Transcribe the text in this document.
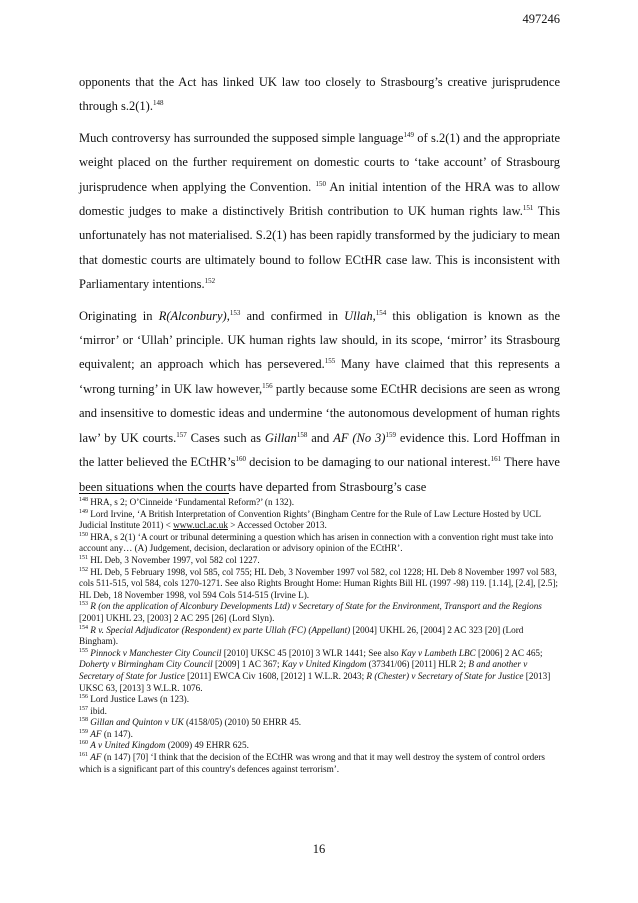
497246

opponents that the Act has linked UK law too closely to Strasbourg’s creative jurisprudence through s.2(1).$^{148}$

Much controversy has surrounded the supposed simple language$^{149}$ of s.2(1) and the appropriate weight placed on the further requirement on domestic courts to ‘take account’ of Strasbourg jurisprudence when applying the Convention. $^{150}$ An initial intention of the HRA was to allow domestic judges to make a distinctively British contribution to UK human rights law.$^{151}$ This unfortunately has not materialised. S.2(1) has been rapidly transformed by the judiciary to mean that domestic courts are ultimately bound to follow ECtHR case law. This is inconsistent with Parliamentary intentions.$^{152}$

Originating in R(Alconbury),$^{153}$ and confirmed in Ullah,$^{154}$ this obligation is known as the ‘mirror’ or ‘Ullah’ principle. UK human rights law should, in its scope, ‘mirror’ its Strasbourg equivalent; an approach which has persevered.$^{155}$ Many have claimed that this represents a ‘wrong turning’ in UK law however,$^{156}$ partly because some ECtHR decisions are seen as wrong and insensitive to domestic ideas and undermine ‘the autonomous development of human rights law’ by UK courts.$^{157}$ Cases such as Gillan$^{158}$ and AF (No 3)$^{159}$ evidence this. Lord Hoffman in the latter believed the $ECtHR’s^{160}$ decision to be damaging to our national interest.$^{161}$ There have been situations when the courts have departed from Strasbourg’s case

$^{148}$ HRA, s 2; O’Cinneide ‘Fundamental Reform?’ (n 132).

$^{149}$ Lord Irvine, ‘A British Interpretation of Convention Rights’ (Bingham Centre for the Rule of Law Lecture Hosted by UCL Judicial Institute 2011) < www.ucl.ac.uk > Accessed October 2013.

$^{150}$ HRA, s 2(1) ‘A court or tribunal determining a question which has arisen in connection with a convention right must take into account any… (A) Judgement, decision, declaration or advisory opinion of the ECtHR’.

$^{151}$ HL Deb, 3 November 1997, vol 582 col 1227.

$^{152}$ HL Deb, 5 February 1998, vol 585, col 755; HL Deb, 3 November 1997 vol 582, col 1228; HL Deb 8 November 1997 vol 583, cols 511-515, vol 584, cols 1270-1271. See also Rights Brought Home: Human Rights Bill HL (1997 -98) 119. [1.14], [2.4], [2.5]; HL Deb, 18 November 1998, vol 594 Cols 514-515 (Irvine L).

$^{153}$ R (on the application of Alconbury Developments Ltd) v Secretary of State for the Environment, Transport and the Regions [2001] UKHL 23, [2003] 2 AC 295 [26] (Lord Slyn).

$^{154}$ R v. Special Adjudicator (Respondent) ex parte Ullah (FC) (Appellant) [2004] UKHL 26, [2004] 2 AC 323 [20] (Lord Bingham).

$^{155}$ Pinnock v Manchester City Council [2010] UKSC 45 [2010] 3 WLR 1441; See also Kay v Lambeth LBC [2006] 2 AC 465; Doherty v Birmingham City Council [2009] 1 AC 367; Kay v United Kingdom (37341/06) [2011] HLR 2; B and another v Secretary of State for Justice [2011] EWCA Civ 1608, [2012] 1 W.L.R. 2043; R (Chester) v Secretary of State for Justice [2013] UKSC 63, [2013] 3 W.L.R. 1076.

$^{156}$ Lord Justice Laws (n 123).

$^{157}$ ibid.

$^{158}$ Gillan and Quinton v UK (4158/05) (2010) 50 EHRR 45.

$^{159}$ AF (n 147).

$^{160}$ A v United Kingdom (2009) 49 EHRR 625.

$^{161}$ AF (n 147) [70] ‘I think that the decision of the ECtHR was wrong and that it may well destroy the system of control orders which is a significant part of this country's defences against terrorism’.

16
